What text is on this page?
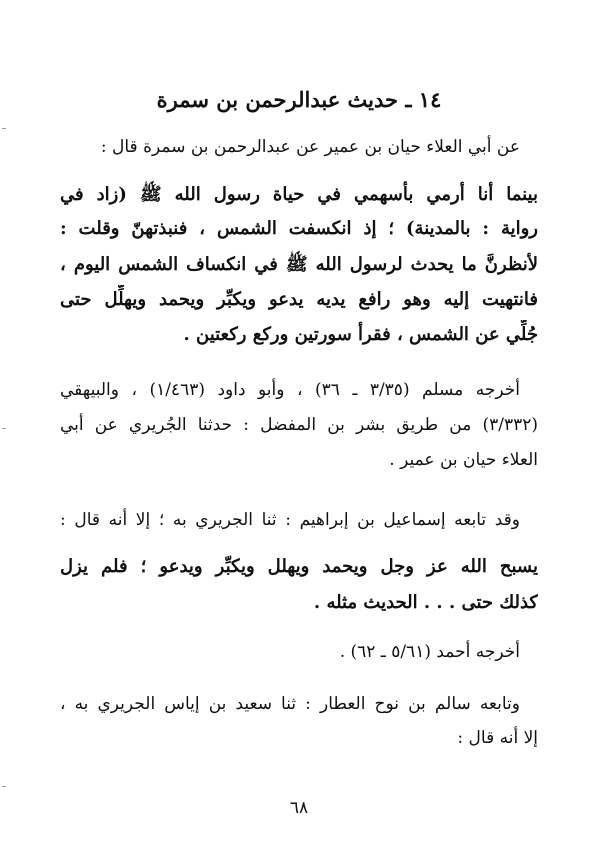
١٤ ـ حديث عبدالرحمن بن سمرة
عن أبي العلاء حيان بن عمير عن عبدالرحمن بن سمرة قال :
بينما أنا أرمي بأسهمي في حياة رسول الله ﷺ (زاد في
رواية : بالمدينة) ؛ إذ انكسفت الشمس ، فنبذتهنّ وقلت :
لأنظرنَّ ما يحدث لرسول الله ﷺ في انكساف الشمس اليوم ،
فانتهيت إليه وهو رافع يديه يدعو ويكبِّر ويحمد ويهلِّل حتى
جُلِّي عن الشمس ، فقرأ سورتين وركع ركعتين .
أخرجه مسلم (٣/٣٥ ـ ٣٦) ، وأبو داود (١/٤٦٣) ، والبيهقي
(٣/٣٣٢) من طريق بشر بن المفضل : حدثنا الجُريري عن أبي
العلاء حيان بن عمير .
وقد تابعه إسماعيل بن إبراهيم : ثنا الجريري به ؛ إلا أنه قال :
يسبح الله عز وجل ويحمد ويهلل ويكبِّر ويدعو ؛ فلم يزل
كذلك حتى . . . الحديث مثله .
أخرجه أحمد (٥/٦١ ـ ٦٢) .
وتابعه سالم بن نوح العطار : ثنا سعيد بن إياس الجريري به ،
إلا أنه قال :
٦٨
